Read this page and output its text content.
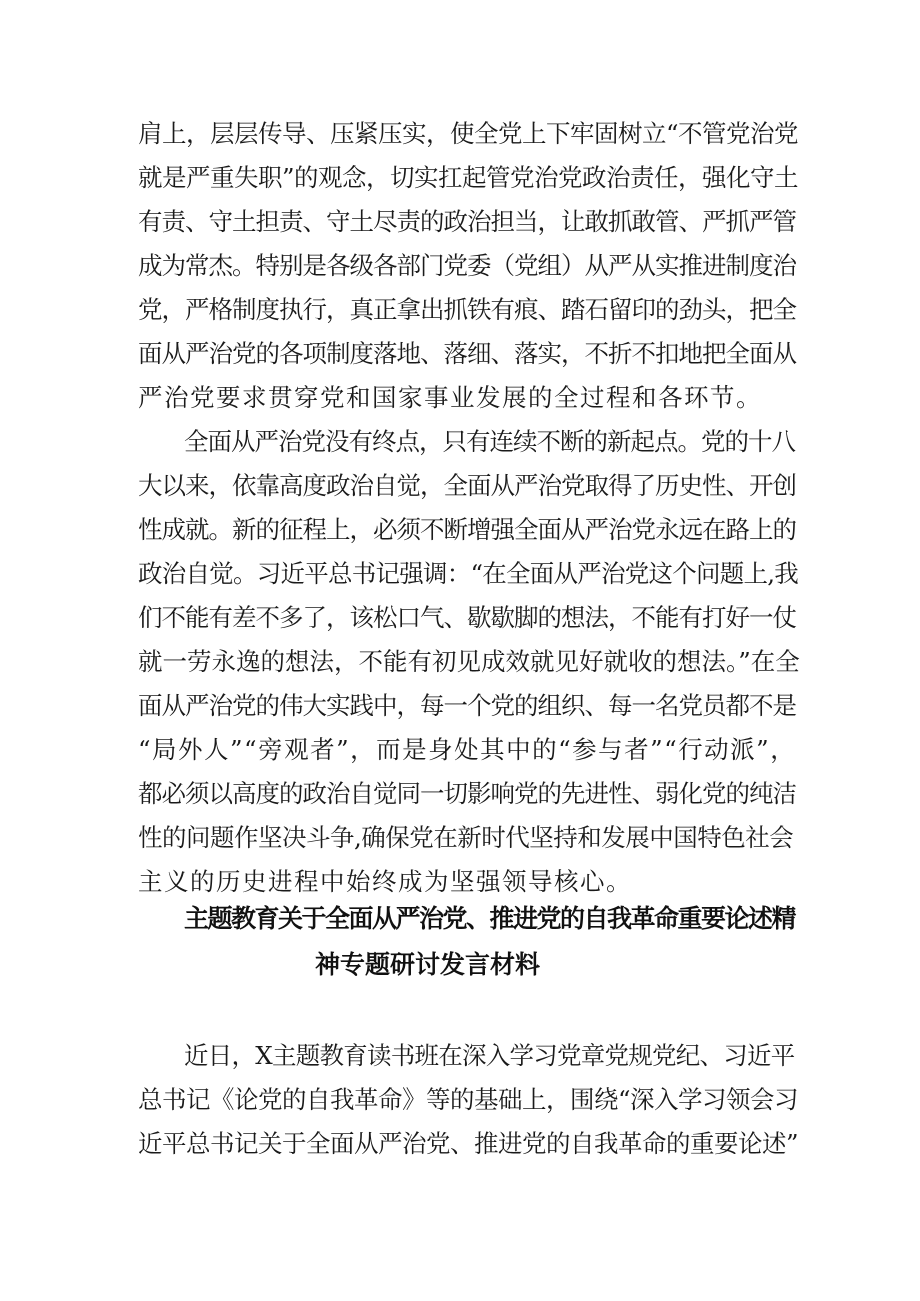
肩上，层层传导、压紧压实，使全党上下牢固树立“不管党治党

就是严重失职”的观念，切实扛起管党治党政治责任，强化守土

有责、守土担责、守土尽责的政治担当，让敢抓敢管、严抓严管

成为常杰。特别是各级各部门党委（党组）从严从实推进制度治

党，严格制度执行，真正拿出抓铁有痕、踏石留印的劲头，把全

面从严治党的各项制度落地、落细、落实，不折不扣地把全面从

严治党要求贯穿党和国家事业发展的全过程和各环节。

全面从严治党没有终点，只有连续不断的新起点。党的十八

大以来，依靠高度政治自觉，全面从严治党取得了历史性、开创

性成就。新的征程上，必须不断增强全面从严治党永远在路上的

政治自觉。习近平总书记强调：“在全面从严治党这个问题上,我

们不能有差不多了，该松口气、歇歇脚的想法，不能有打好一仗

就一劳永逸的想法，不能有初见成效就见好就收的想法。”在全

面从严治党的伟大实践中，每一个党的组织、每一名党员都不是

“局外人”“旁观者”，而是身处其中的“参与者”“行动派”，

都必须以高度的政治自觉同一切影响党的先进性、弱化党的纯洁

性的问题作坚决斗争,确保党在新时代坚持和发展中国特色社会

主义的历史进程中始终成为坚强领导核心。

主题教育关于全面从严治党、推进党的自我革命重要论述精

神专题研讨发言材料

近日，X主题教育读书班在深入学习党章党规党纪、习近平

总书记《论党的自我革命》等的基础上，围绕“深入学习领会习

近平总书记关于全面从严治党、推进党的自我革命的重要论述”
